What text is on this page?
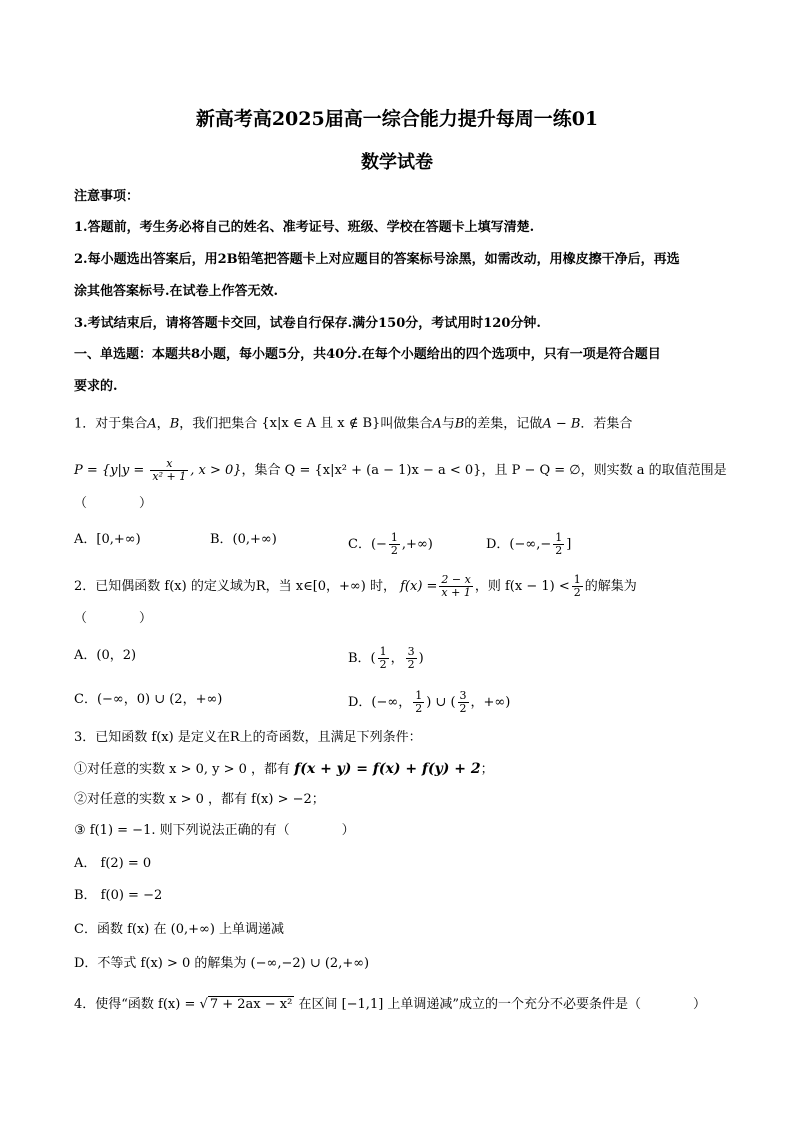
新高考高2025届高一综合能力提升每周一练01
数学试卷
注意事项：
1.答题前，考生务必将自己的姓名、准考证号、班级、学校在答题卡上填写清楚.
2.每小题选出答案后，用2B铅笔把答题卡上对应题目的答案标号涂黑，如需改动，用橡皮擦干净后，再选
涂其他答案标号.在试卷上作答无效.
3.考试结束后，请将答题卡交回，试卷自行保存.满分150分，考试用时120分钟.
一、单选题：本题共8小题，每小题5分，共40分.在每个小题给出的四个选项中，只有一项是符合题目
要求的.
1．对于集合A，B，我们把集合 {x|x ∈ A 且 x ∉ B}叫做集合A与B的差集，记做A − B．若集合
$P = \{y|y = \frac{x}{\text{x² + 1}}$ , x > 0}，集合 Q = {x|x² + (a − 1)x − a < 0}，且 P − Q = ∅，则实数 a 的取值范围是
（　　　　）
A．[0,+∞)	B．(0,+∞)	C．(− $\frac{1}{2}$ ,+∞)	D．(−∞,− $\frac{1}{2}$ ]
2．已知偶函数 f(x) 的定义域为R，当 x∈[0，+∞) 时， $f(x) = \frac{2 - x}{x + 1}$ ，则 $f(x - 1) < \frac{1}{2}$ 的解集为
（　　　　）
A．(0，2)	B．( $\frac{1}{2}$ ， $\frac{3}{2}$ )
C．(−∞，0) ∪ (2，+∞)	D．(−∞， $\frac{1}{2}$ ) ∪ ( $\frac{3}{2}$ ，+∞)
3．已知函数 f(x) 是定义在R上的奇函数，且满足下列条件：
①对任意的实数 x > 0, y > 0 ，都有 f(x + y) = f(x) + f(y) + 2；
②对任意的实数 x > 0 ，都有 f(x) > −2；
③ f(1) = −1. 则下列说法正确的有（　　　　）
A． f(2) = 0
B． f(0) = −2
C．函数 f(x) 在 (0,+∞) 上单调递减
D．不等式 f(x) > 0 的解集为 (−∞,−2) ∪ (2,+∞)
4．使得“函数 f(x) = √ 7 + 2ax − x² 在区间 [−1,1] 上单调递减”成立的一个充分不必要条件是（　　　　）
